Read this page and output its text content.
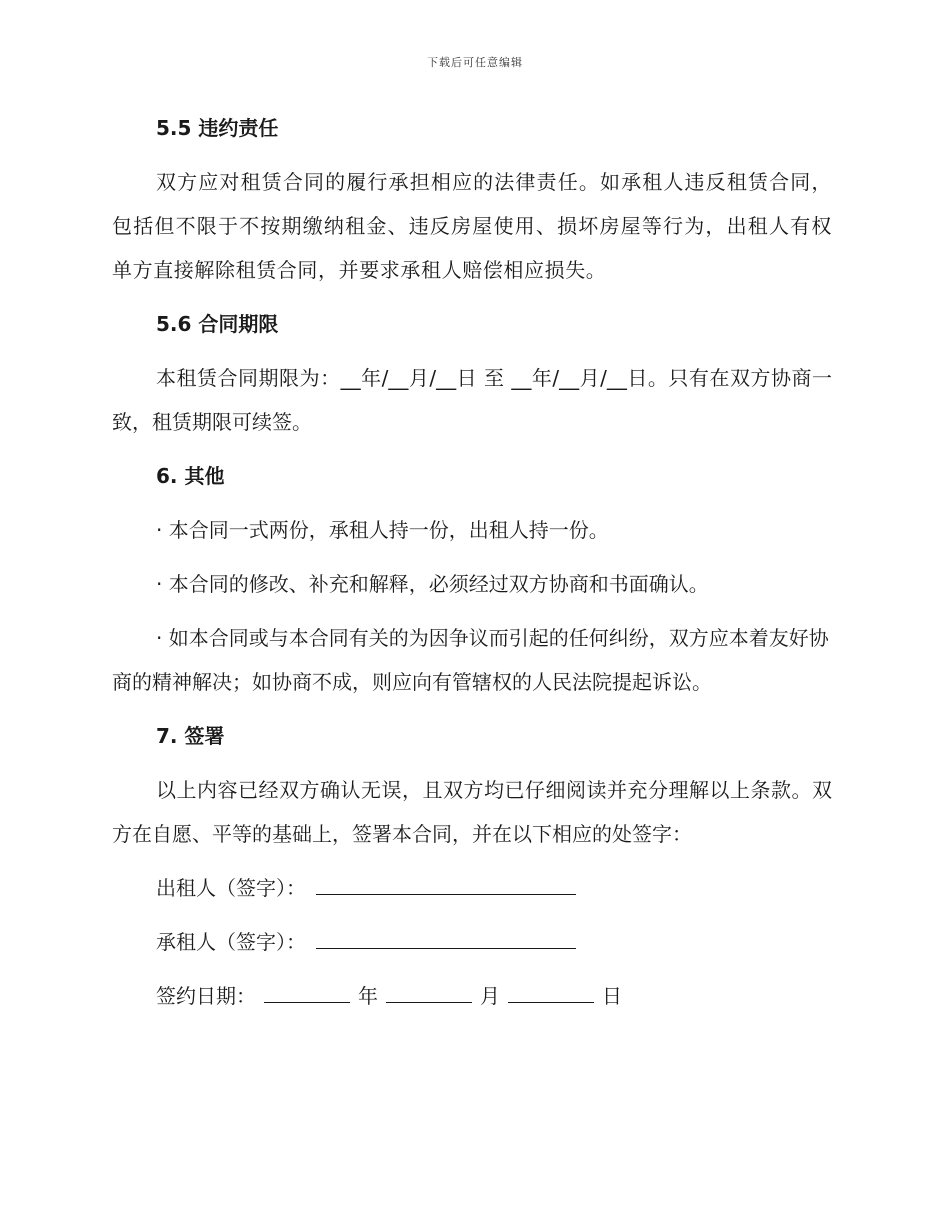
下载后可任意编辑
5.5 违约责任
双方应对租赁合同的履行承担相应的法律责任。如承租人违反租赁合同，包括但不限于不按期缴纳租金、违反房屋使用、损坏房屋等行为，出租人有权单方直接解除租赁合同，并要求承租人赔偿相应损失。
5.6 合同期限
本租赁合同期限为：__年/__月/__日 至 __年/__月/__日。只有在双方协商一致，租赁期限可续签。
6. 其他
· 本合同一式两份，承租人持一份，出租人持一份。
· 本合同的修改、补充和解释，必须经过双方协商和书面确认。
· 如本合同或与本合同有关的为因争议而引起的任何纠纷，双方应本着友好协商的精神解决；如协商不成，则应向有管辖权的人民法院提起诉讼。
7. 签署
以上内容已经双方确认无误，且双方均已仔细阅读并充分理解以上条款。双方在自愿、平等的基础上，签署本合同，并在以下相应的处签字：
出租人（签字）：
承租人（签字）：
签约日期：	年	月	日
